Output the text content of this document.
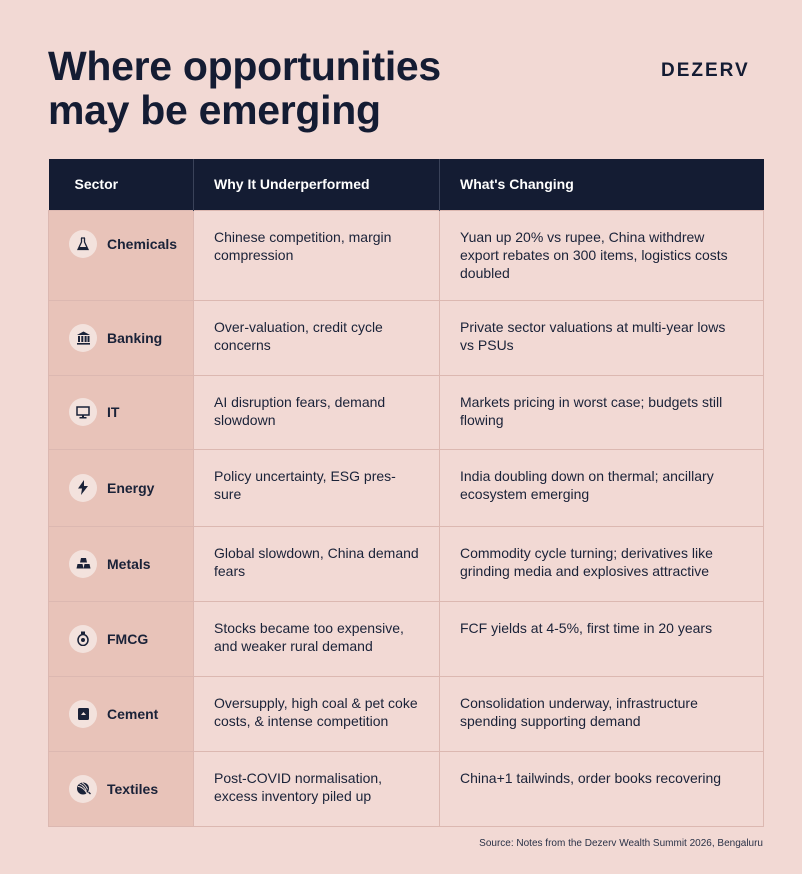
Where opportunities
may be emerging
DEZERV
Sector	Why It Underperformed	What's Changing

Chemicals	Chinese competition, margin compression	Yuan up 20% vs rupee, China withdrew export rebates on 300 items, logistics costs doubled

Banking	Over-valuation, credit cycle concerns	Private sector valuations at multi-year lows vs PSUs

IT	AI disruption fears, demand slowdown	Markets pricing in worst case; budgets still flowing

Energy	Policy uncertainty, ESG pres-sure	India doubling down on thermal; ancillary ecosystem emerging

Metals	Global slowdown, China demand fears	Commodity cycle turning; derivatives like grinding media and explosives attractive

FMCG	Stocks became too expensive, and weaker rural demand	FCF yields at 4-5%, first time in 20 years

Cement	Oversupply, high coal & pet coke costs, & intense competition	Consolidation underway, infrastructure spending supporting demand

Textiles	Post-COVID normalisation, excess inventory piled up	China+1 tailwinds, order books recovering
Source: Notes from the Dezerv Wealth Summit 2026, Bengaluru
